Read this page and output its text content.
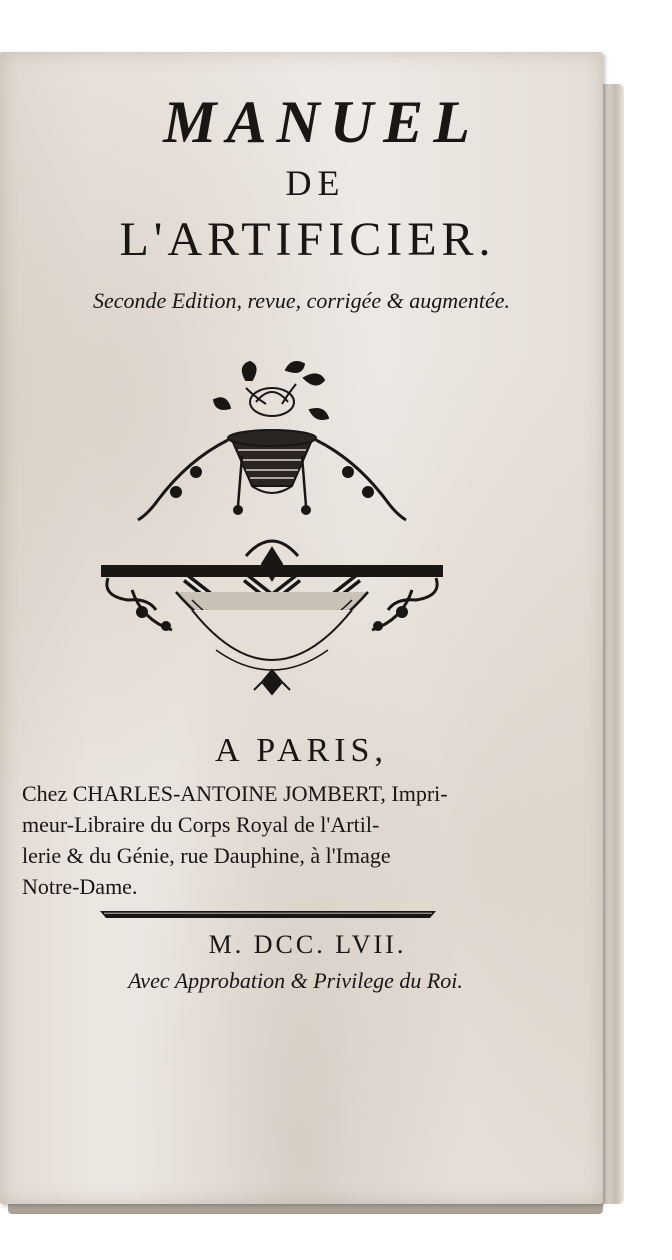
MANUEL
DE
L'ARTIFICIER.
Seconde Edition, revue, corrigée & augmentée.
A PARIS,
Chez CHARLES-ANTOINE JOMBERT, Impri-
meur-Libraire du Corps Royal de l'Artil-
lerie & du Génie, rue Dauphine, à l'Image
Notre-Dame.
M. DCC. LVII.
Avec Approbation & Privilege du Roi.
